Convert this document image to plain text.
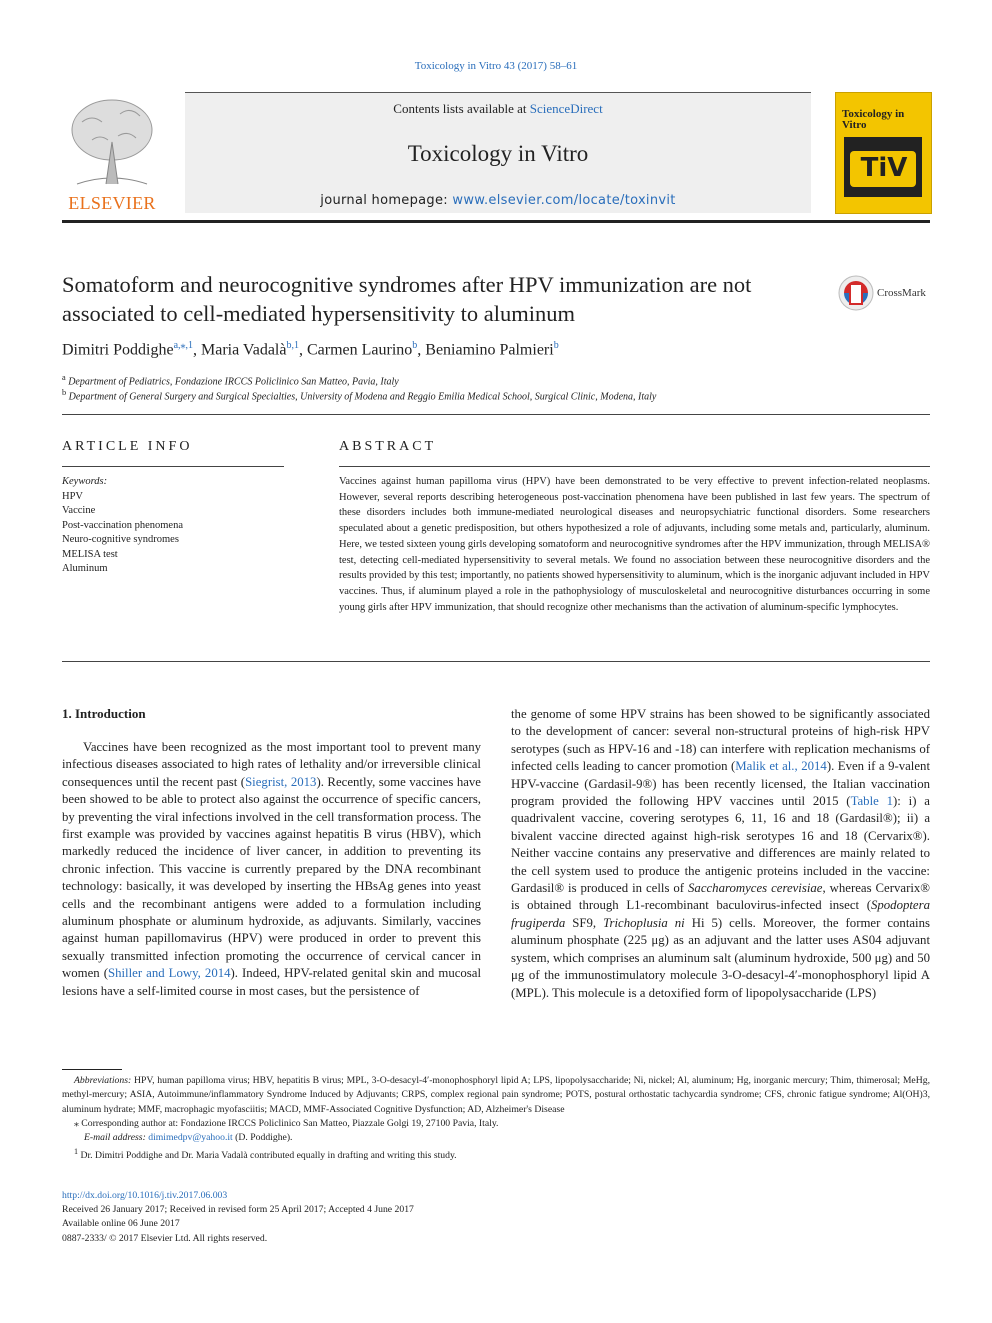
Toxicology in Vitro 43 (2017) 58–61
ELSEVIER
Contents lists available at ScienceDirect
Toxicology in Vitro
journal homepage: www.elsevier.com/locate/toxinvit
Toxicology in Vitro
TiV
Somatoform and neurocognitive syndromes after HPV immunization are not associated to cell-mediated hypersensitivity to aluminum
CrossMark
Dimitri Poddighe$^{a,⁎,1}$, Maria Vadalà$^{b,1}$, Carmen Laurino$^b$, Beniamino Palmieri$^b$
$^a$ Department of Pediatrics, Fondazione IRCCS Policlinico San Matteo, Pavia, Italy
$^b$ Department of General Surgery and Surgical Specialties, University of Modena and Reggio Emilia Medical School, Surgical Clinic, Modena, Italy
ARTICLE INFO	ABSTRACT
Keywords:
HPV
Vaccine
Post-vaccination phenomena
Neuro-cognitive syndromes
MELISA test
Aluminum
Vaccines against human papilloma virus (HPV) have been demonstrated to be very effective to prevent infection-related neoplasms. However, several reports describing heterogeneous post-vaccination phenomena have been published in last few years. The spectrum of these disorders includes both immune-mediated neurological diseases and neuropsychiatric functional disorders. Some researchers speculated about a genetic predisposition, but others hypothesized a role of adjuvants, including some metals and, particularly, aluminum. Here, we tested sixteen young girls developing somatoform and neurocognitive syndromes after the HPV immunization, through MELISA® test, detecting cell-mediated hypersensitivity to several metals. We found no association between these neurocognitive disorders and the results provided by this test; importantly, no patients showed hypersensitivity to aluminum, which is the inorganic adjuvant included in HPV vaccines. Thus, if aluminum played a role in the pathophysiology of musculoskeletal and neurocognitive disturbances occurring in some young girls after HPV immunization, that should recognize other mechanisms than the activation of aluminum-specific lymphocytes.
1. Introduction

Vaccines have been recognized as the most important tool to prevent many infectious diseases associated to high rates of lethality and/or irreversible clinical consequences until the recent past (Siegrist, 2013). Recently, some vaccines have been showed to be able to protect also against the occurrence of specific cancers, by preventing the viral infections involved in the cell transformation process. The first example was provided by vaccines against hepatitis B virus (HBV), which markedly reduced the incidence of liver cancer, in addition to preventing its chronic infection. This vaccine is currently prepared by the DNA recombinant technology: basically, it was developed by inserting the HBsAg genes into yeast cells and the recombinant antigens were added to a formulation including aluminum phosphate or aluminum hydroxide, as adjuvants. Similarly, vaccines against human papillomavirus (HPV) were produced in order to prevent this sexually transmitted infection promoting the occurrence of cervical cancer in women (Shiller and Lowy, 2014). Indeed, HPV-related genital skin and mucosal lesions have a self-limited course in most cases, but the persistence of

the genome of some HPV strains has been showed to be significantly associated to the development of cancer: several non-structural proteins of high-risk HPV serotypes (such as HPV-16 and -18) can interfere with replication mechanisms of infected cells leading to cancer promotion (Malik et al., 2014). Even if a 9-valent HPV-vaccine (Gardasil-9®) has been recently licensed, the Italian vaccination program provided the following HPV vaccines until 2015 (Table 1): i) a quadrivalent vaccine, covering serotypes 6, 11, 16 and 18 (Gardasil®); ii) a bivalent vaccine directed against high-risk serotypes 16 and 18 (Cervarix®). Neither vaccine contains any preservative and differences are mainly related to the cell system used to produce the antigenic proteins included in the vaccine: Gardasil® is produced in cells of Saccharomyces cerevisiae, whereas Cervarix® is obtained through L1-recombinant baculovirus-infected insect (Spodoptera frugiperda SF9, Trichoplusia ni Hi 5) cells. Moreover, the former contains aluminum phosphate (225 μg) as an adjuvant and the latter uses AS04 adjuvant system, which comprises an aluminum salt (aluminum hydroxide, 500 μg) and 50 μg of the immunostimulatory molecule 3-O-desacyl-4′-monophosphoryl lipid A (MPL). This molecule is a detoxified form of lipopolysaccharide (LPS)

Abbreviations: HPV, human papilloma virus; HBV, hepatitis B virus; MPL, 3-O-desacyl-4′-monophosphoryl lipid A; LPS, lipopolysaccharide; Ni, nickel; Al, aluminum; Hg, inorganic mercury; Thim, thimerosal; MeHg, methyl-mercury; ASIA, Autoimmune/inflammatory Syndrome Induced by Adjuvants; CRPS, complex regional pain syndrome; POTS, postural orthostatic tachycardia syndrome; CFS, chronic fatigue syndrome; Al(OH)3, aluminum hydrate; MMF, macrophagic myofasciitis; MACD, MMF-Associated Cognitive Dysfunction; AD, Alzheimer's Disease

⁎ Corresponding author at: Fondazione IRCCS Policlinico San Matteo, Piazzale Golgi 19, 27100 Pavia, Italy.

E-mail address: dimimedpv@yahoo.it (D. Poddighe).

$^1$ Dr. Dimitri Poddighe and Dr. Maria Vadalà contributed equally in drafting and writing this study.

http://dx.doi.org/10.1016/j.tiv.2017.06.003

Received 26 January 2017; Received in revised form 25 April 2017; Accepted 4 June 2017

Available online 06 June 2017

0887-2333/ © 2017 Elsevier Ltd. All rights reserved.
